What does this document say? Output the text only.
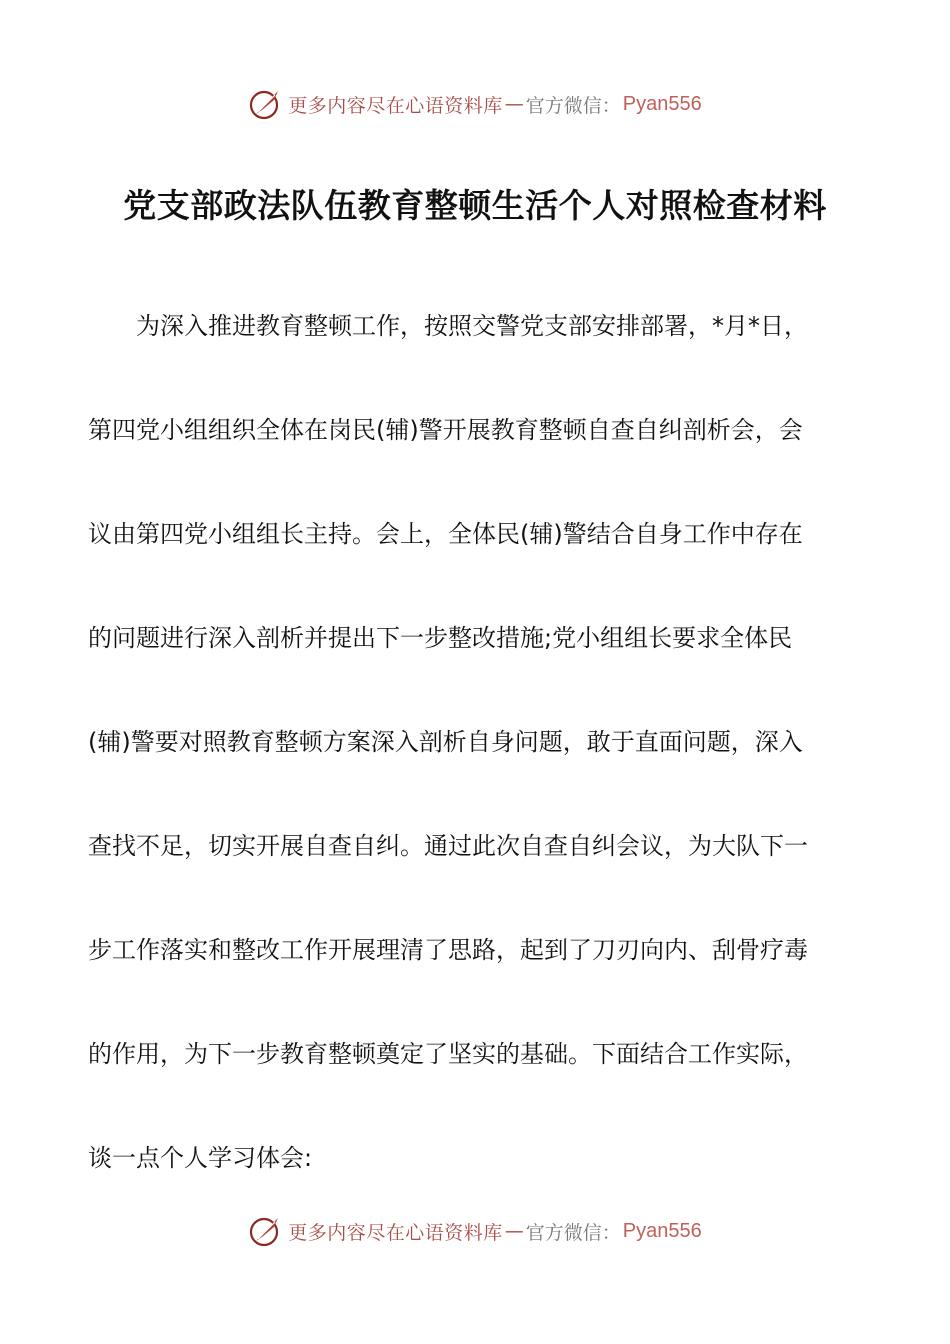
更多内容尽在心语资料库 — 官方微信： Pyan556
党支部政法队伍教育整顿生活个人对照检查材料
为深入推进教育整顿工作，按照交警党支部安排部署，*月*日，
第四党小组组织全体在岗民(辅)警开展教育整顿自查自纠剖析会，会
议由第四党小组组长主持。会上，全体民(辅)警结合自身工作中存在
的问题进行深入剖析并提出下一步整改措施;党小组组长要求全体民
(辅)警要对照教育整顿方案深入剖析自身问题，敢于直面问题，深入
查找不足，切实开展自查自纠。通过此次自查自纠会议，为大队下一
步工作落实和整改工作开展理清了思路，起到了刀刃向内、刮骨疗毒
的作用，为下一步教育整顿奠定了坚实的基础。下面结合工作实际，
谈一点个人学习体会:
更多内容尽在心语资料库 — 官方微信： Pyan556
